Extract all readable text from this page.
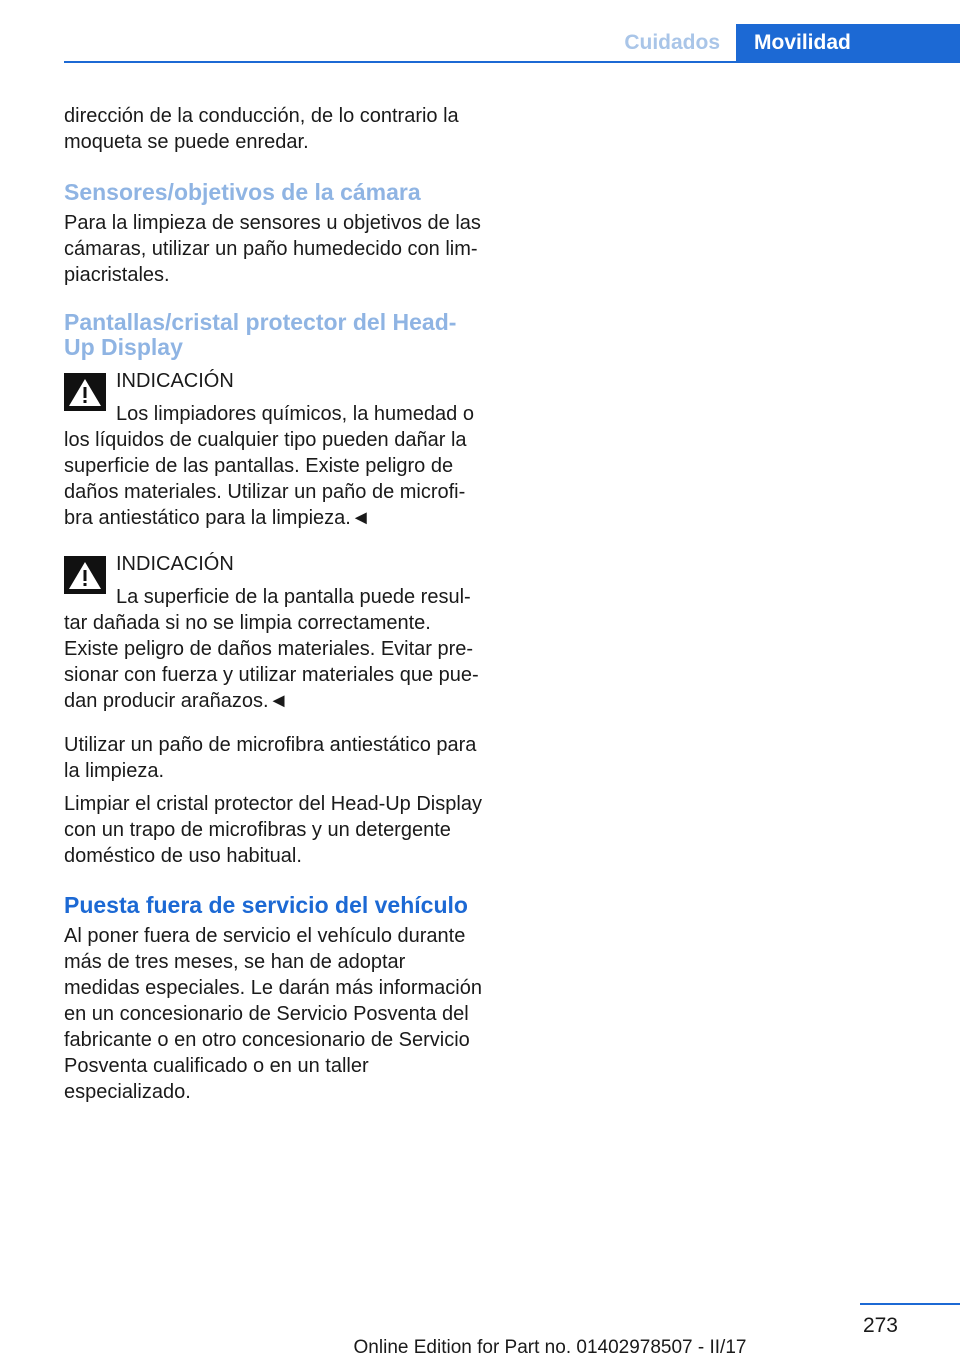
Cuidados	Movilidad

dirección de la conducción, de lo contrario la moqueta se puede enredar.

Sensores/objetivos de la cámara

Para la limpieza de sensores u objetivos de las cámaras, utilizar un paño humedecido con limpiacristales.

Pantallas/cristal protector del Head-Up Display

INDICACIÓN

Los limpiadores químicos, la humedad o los líquidos de cualquier tipo pueden dañar la superficie de las pantallas. Existe peligro de daños materiales. Utilizar un paño de microfibra antiestático para la limpieza.◄

INDICACIÓN

La superficie de la pantalla puede resultar dañada si no se limpia correctamente. Existe peligro de daños materiales. Evitar presionar con fuerza y utilizar materiales que puedan producir arañazos.◄

Utilizar un paño de microfibra antiestático para la limpieza.

Limpiar el cristal protector del Head-Up Display con un trapo de microfibras y un detergente doméstico de uso habitual.

Puesta fuera de servicio del vehículo

Al poner fuera de servicio el vehículo durante más de tres meses, se han de adoptar medidas especiales. Le darán más información en un concesionario de Servicio Posventa del fabricante o en otro concesionario de Servicio Posventa cualificado o en un taller especializado.

273
Online Edition for Part no. 01402978507 - II/17
